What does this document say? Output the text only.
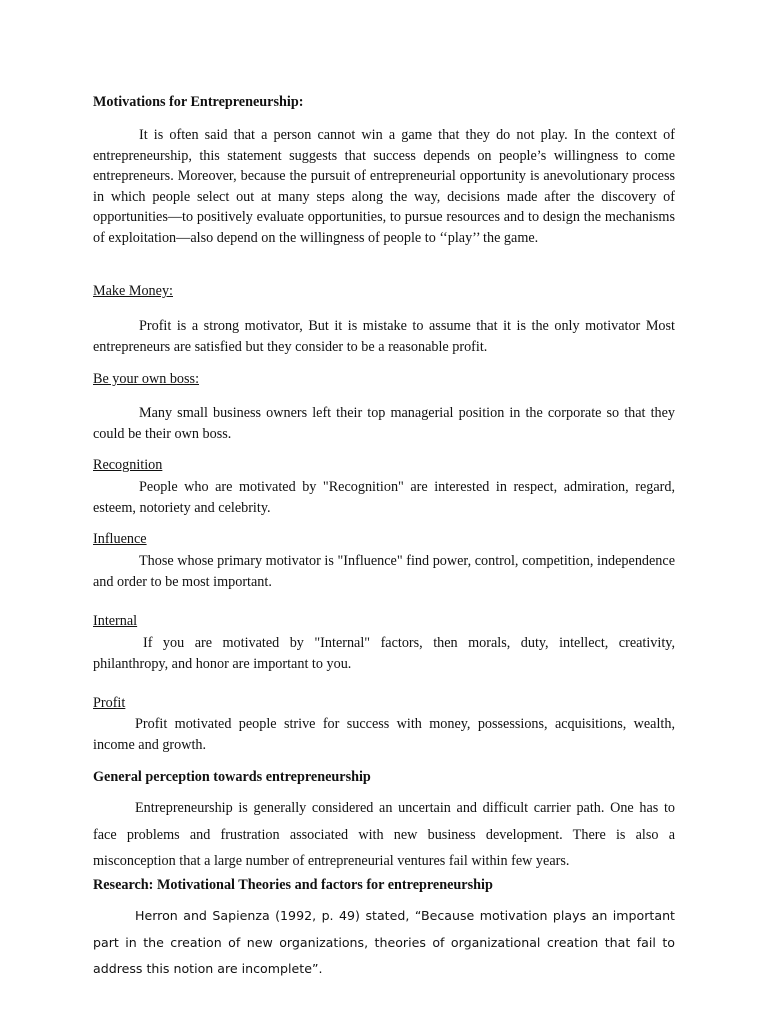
Motivations for Entrepreneurship:

It is often said that a person cannot win a game that they do not play. In the context of entrepreneurship, this statement suggests that success depends on people’s willingness to come entrepreneurs. Moreover, because the pursuit of entrepreneurial opportunity is anevolutionary process in which people select out at many steps along the way, decisions made after the discovery of opportunities—to positively evaluate opportunities, to pursue resources and to design the mechanisms of exploitation—also depend on the willingness of people to ‘‘play’’ the game.

Make Money:

Profit is a strong motivator, But it is mistake to assume that it is the only motivator Most entrepreneurs are satisfied but they consider to be a reasonable profit.

Be your own boss:

Many small business owners left their top managerial position in the corporate so that they could be their own boss.

Recognition

People who are motivated by "Recognition" are interested in respect, admiration, regard, esteem, notoriety and celebrity.

Influence

Those whose primary motivator is "Influence" find power, control, competition, independence and order to be most important.

Internal

If you are motivated by "Internal" factors, then morals, duty, intellect, creativity, philanthropy, and honor are important to you.

Profit

Profit motivated people strive for success with money, possessions, acquisitions, wealth, income and growth.

General perception towards entrepreneurship

Entrepreneurship is generally considered an uncertain and difficult carrier path. One has to face problems and frustration associated with new business development. There is also a misconception that a large number of entrepreneurial ventures fail within few years.

Research: Motivational Theories and factors for entrepreneurship

Herron and Sapienza (1992, p. 49) stated, “Because motivation plays an important part in the creation of new organizations, theories of organizational creation that fail to address this notion are incomplete”.
